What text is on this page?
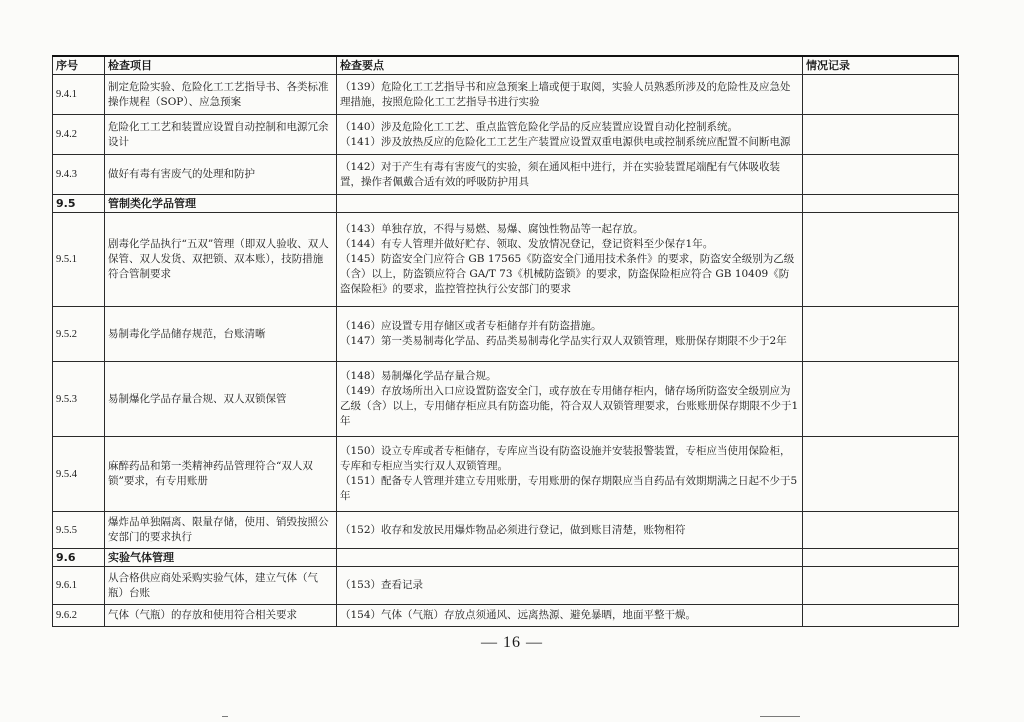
序号	检查项目	检查要点	情况记录
9.4.1	制定危险实验、危险化工工艺指导书、各类标准操作规程（SOP）、应急预案	（139）危险化工工艺指导书和应急预案上墙或便于取阅，实验人员熟悉所涉及的危险性及应急处理措施，按照危险化工工艺指导书进行实验	

9.4.2	危险化工工艺和装置应设置自动控制和电源冗余设计	（140）涉及危险化工工艺、重点监管危险化学品的反应装置应设置自动化控制系统。
（141）涉及放热反应的危险化工工艺生产装置应设置双重电源供电或控制系统应配置不间断电源	

9.4.3	做好有毒有害废气的处理和防护	（142）对于产生有毒有害废气的实验，须在通风柜中进行，并在实验装置尾端配有气体吸收装置，操作者佩戴合适有效的呼吸防护用具	

9.5	管制类化学品管理		
9.5.1	剧毒化学品执行“五双”管理（即双人验收、双人保管、双人发货、双把锁、双本账），技防措施符合管制要求	（143）单独存放，不得与易燃、易爆、腐蚀性物品等一起存放。
（144）有专人管理并做好贮存、领取、发放情况登记，登记资料至少保存1年。
（145）防盗安全门应符合 GB 17565《防盗安全门通用技术条件》的要求，防盗安全级别为乙级（含）以上，防盗锁应符合 GA/T 73《机械防盗锁》的要求，防盗保险柜应符合 GB 10409《防盗保险柜》的要求，监控管控执行公安部门的要求	

9.5.2	易制毒化学品储存规范，台账清晰	（146）应设置专用存储区或者专柜储存并有防盗措施。
（147）第一类易制毒化学品、药品类易制毒化学品实行双人双锁管理，账册保存期限不少于2年	

9.5.3	易制爆化学品存量合规、双人双锁保管	（148）易制爆化学品存量合规。
（149）存放场所出入口应设置防盗安全门，或存放在专用储存柜内，储存场所防盗安全级别应为乙级（含）以上，专用储存柜应具有防盗功能，符合双人双锁管理要求，台账账册保存期限不少于1年	

9.5.4	麻醉药品和第一类精神药品管理符合“双人双锁”要求，有专用账册	（150）设立专库或者专柜储存，专库应当设有防盗设施并安装报警装置，专柜应当使用保险柜，专库和专柜应当实行双人双锁管理。
（151）配备专人管理并建立专用账册，专用账册的保存期限应当自药品有效期期满之日起不少于5年	

9.5.5	爆炸品单独隔离、限量存储，使用、销毁按照公安部门的要求执行	（152）收存和发放民用爆炸物品必须进行登记，做到账目清楚，账物相符	

9.6	实验气体管理		
9.6.1	从合格供应商处采购实验气体，建立气体（气瓶）台账	（153）查看记录	

9.6.2	气体（气瓶）的存放和使用符合相关要求	（154）气体（气瓶）存放点须通风、远离热源、避免暴晒，地面平整干燥。	

— 16 —
